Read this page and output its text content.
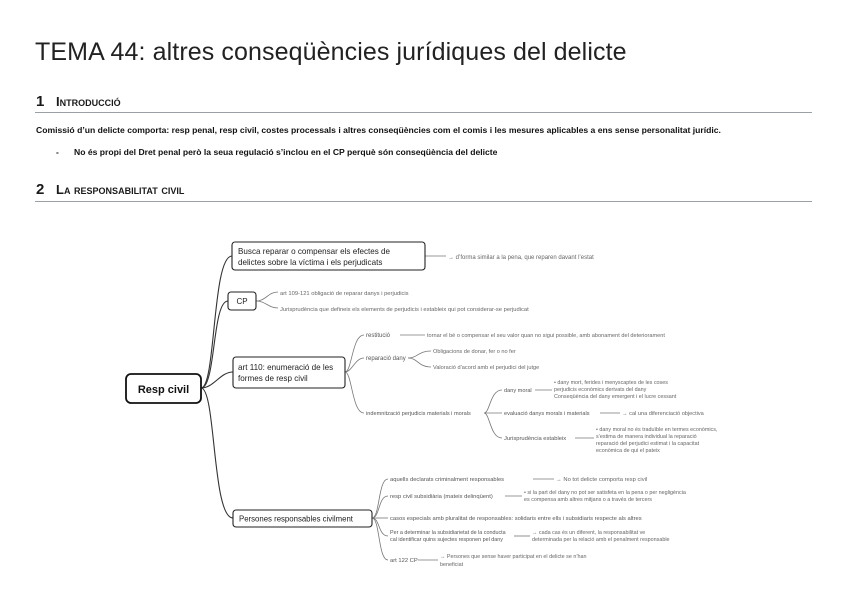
TEMA 44: altres conseqüències jurídiques del delicte
1 Introducció
Comissió d’un delicte comporta: resp penal, resp civil, costes processals i altres conseqüències com el comis i les mesures aplicables a ens sense personalitat jurídic.
- No és propi del Dret penal però la seua regulació s’inclou en el CP perquè són conseqüència del delicte
2 La responsabilitat civil
Resp civil
Busca reparar o compensar els efectes de
delictes sobre la víctima i els perjudicats	→ d’forma similar a la pena, que reparen davant l’estat
CP
art 109-121 obligació de reparar danys i perjudicis
Jurisprudència que defineix els elements de perjudicis i estableix qui pot considerar-se perjudicat
art 110: enumeració de les
formes de resp civil
restitució	tornar el bé o compensar el seu valor quan no sigui possible, amb abonament del deteriorament
reparació dany
Obligacions de donar, fer o no fer
Valoració d’acord amb el perjudici del jutge
indemnització perjudicis materials i morals
dany moral
• dany mort, ferides i menyscaptes de les coses
perjudicis econòmics derivats del dany
Conseqüència del dany emergent i el lucre cessant
evaluació danys morals i materials	→ cal una diferenciació objectiva
Jurisprudència estableix
• dany moral no és traduïble en termes econòmics,
s’estima de manera individual la reparació
reparació del perjudici estimat i la capacitat
econòmica de qui el pateix
Persones responsables civilment
aquells declarats criminalment responsables	→ No tot delicte comporta resp civil
resp civil subsidiària (mateix delinqüent)
• si la part del dany no pot ser satisfeta en la pena o per negligència
es compensa amb altres mitjans o a través de tercers
casos especials amb pluralitat de responsables: solidaris entre ells i subsidiaris respecte als altres
Per a determinar la subsidiarietat de la conducta
cal identificar quins sujectes responen pel dany
→ cada cas és un diferent, la responsabilitat ve
determinada per la relació amb el penalment responsable
art 122 CP
→ Persones que sense haver participat en el delicte se n’han
beneficiat
